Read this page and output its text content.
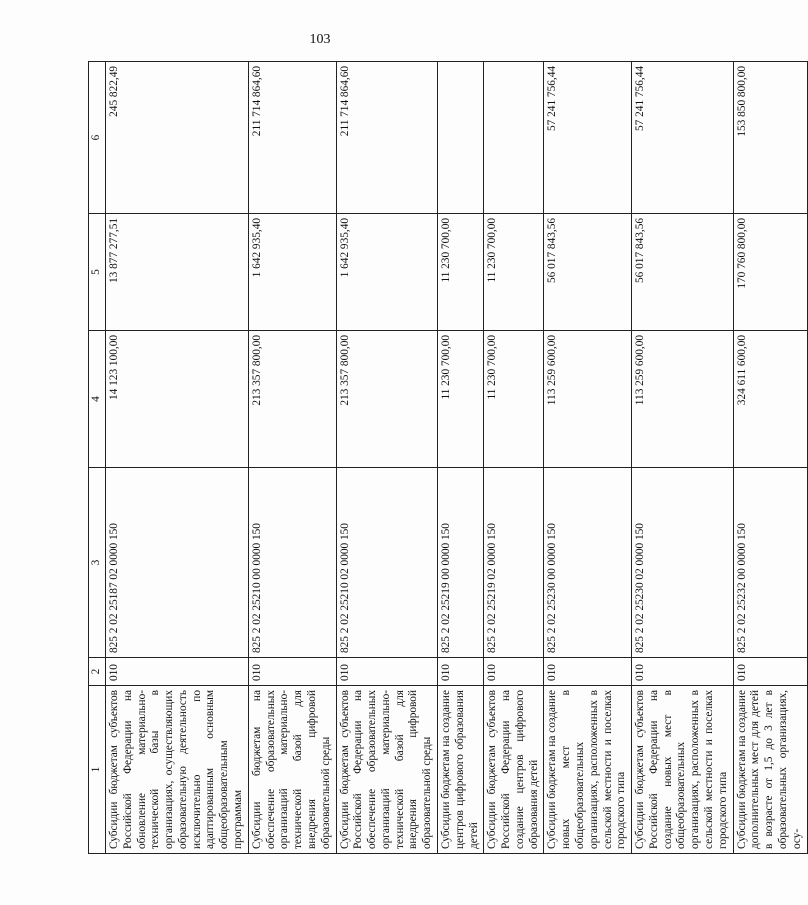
103
1	2	3	4	5	6
Субсидии бюджетам субъектов Российской Федерации на обновление материально-технической базы в организациях, осуществляющих образовательную деятельность исключительно по адаптированным основным общеобразовательным программам	010	825 2 02 25187 02 0000 150	14 123 100,00	13 877 277,51	245 822,49
Субсидии бюджетам на обеспечение образовательных организаций материально-технической базой для внедрения цифровой образовательной среды	010	825 2 02 25210 00 0000 150	213 357 800,00	1 642 935,40	211 714 864,60
Субсидии бюджетам субъектов Российской Федерации на обеспечение образовательных организаций материально-технической базой для внедрения цифровой образовательной среды	010	825 2 02 25210 02 0000 150	213 357 800,00	1 642 935,40	211 714 864,60
Субсидии бюджетам на создание центров цифрового образования детей	010	825 2 02 25219 00 0000 150	11 230 700,00	11 230 700,00	
Субсидии бюджетам субъектов Российской Федерации на создание центров цифрового образования детей	010	825 2 02 25219 02 0000 150	11 230 700,00	11 230 700,00	
Субсидии бюджетам на создание новых мест в общеобразовательных организациях, расположенных в сельской местности и поселках городского типа	010	825 2 02 25230 00 0000 150	113 259 600,00	56 017 843,56	57 241 756,44
Субсидии бюджетам субъектов Российской Федерации на создание новых мест в общеобразовательных организациях, расположенных в сельской местности и поселках городского типа	010	825 2 02 25230 02 0000 150	113 259 600,00	56 017 843,56	57 241 756,44
Субсидии бюджетам на создание дополнительных мест для детей в возрасте от 1,5 до 3 лет в образовательных организациях, осу-	010	825 2 02 25232 00 0000 150	324 611 600,00	170 760 800,00	153 850 800,00
